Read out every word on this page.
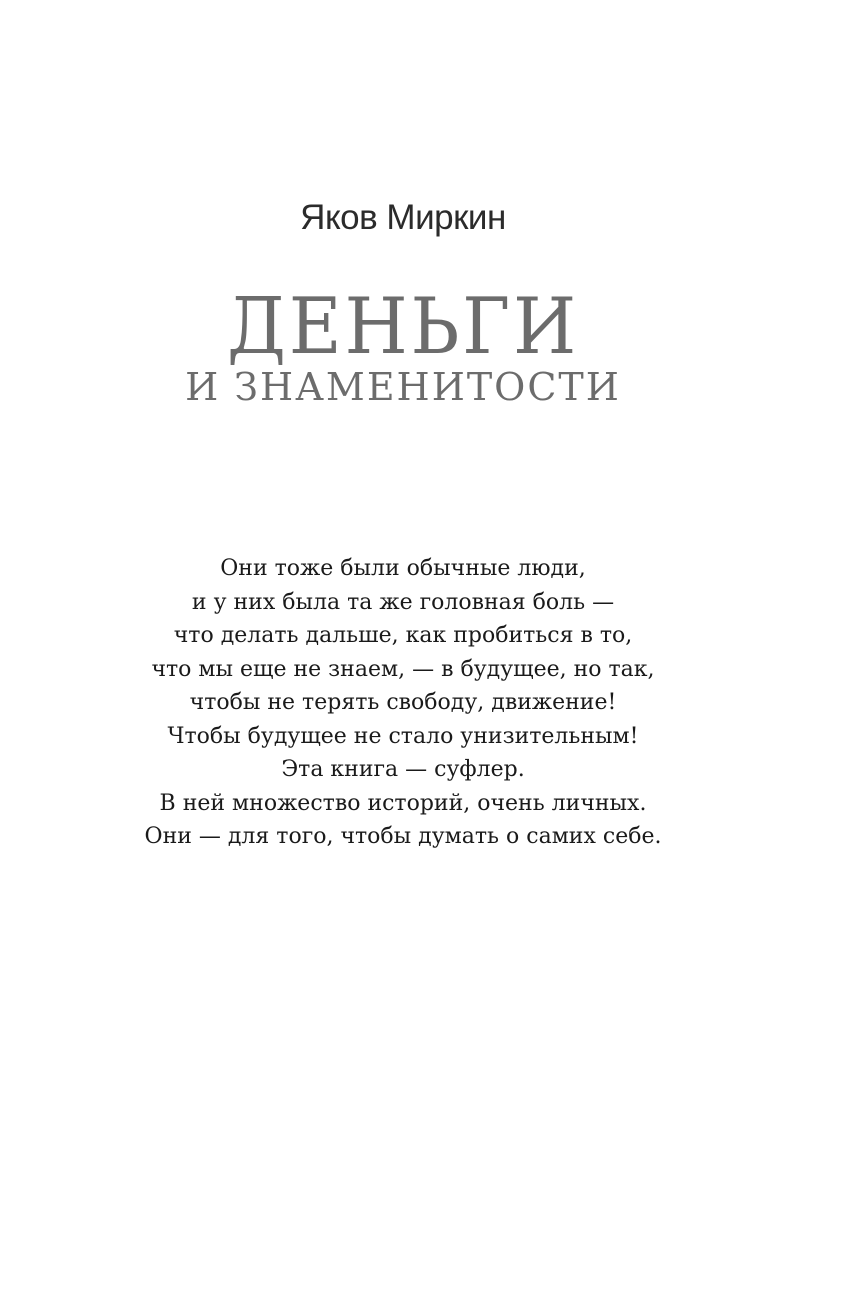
Яков Миркин
ДЕНЬГИ
И ЗНАМЕНИТОСТИ
Они тоже были обычные люди,
и у них была та же головная боль —
что делать дальше, как пробиться в то,
что мы еще не знаем, — в будущее, но так,
чтобы не терять свободу, движение!
Чтобы будущее не стало унизительным!
Эта книга — суфлер.
В ней множество историй, очень личных.
Они — для того, чтобы думать о самих себе.
